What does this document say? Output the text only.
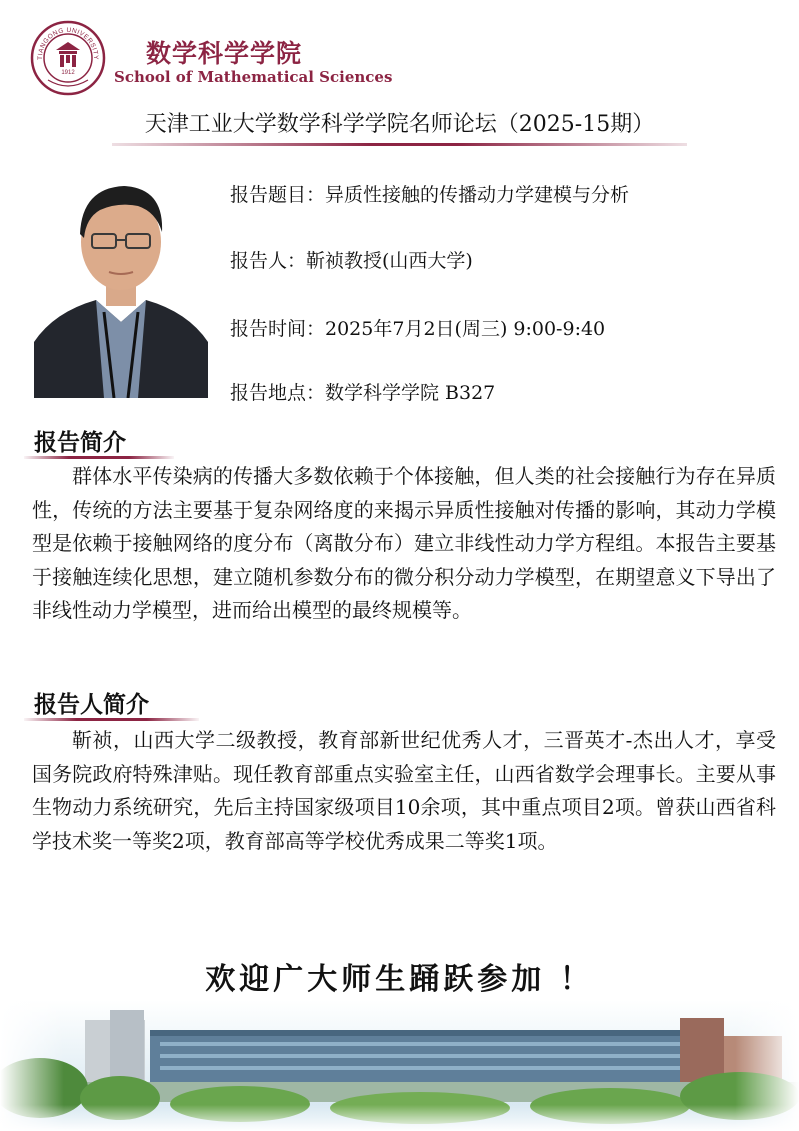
TIANGONG UNIVERSITY
1912
数学科学学院
School of Mathematical Sciences
天津工业大学数学科学学院名师论坛（2025-15期）
报告题目：异质性接触的传播动力学建模与分析
报告人：靳祯教授(山西大学)
报告时间：2025年7月2日(周三) 9:00-9:40
报告地点：数学科学学院 B327
报告简介
群体水平传染病的传播大多数依赖于个体接触，但人类的社会接触行为存在异质性，传统的方法主要基于复杂网络度的来揭示异质性接触对传播的影响，其动力学模型是依赖于接触网络的度分布（离散分布）建立非线性动力学方程组。本报告主要基于接触连续化思想，建立随机参数分布的微分积分动力学模型，在期望意义下导出了非线性动力学模型，进而给出模型的最终规模等。
报告人简介
靳祯，山西大学二级教授，教育部新世纪优秀人才，三晋英才-杰出人才，享受国务院政府特殊津贴。现任教育部重点实验室主任，山西省数学会理事长。主要从事生物动力系统研究，先后主持国家级项目10余项，其中重点项目2项。曾获山西省科学技术奖一等奖2项，教育部高等学校优秀成果二等奖1项。
欢迎广大师生踊跃参加 ！
